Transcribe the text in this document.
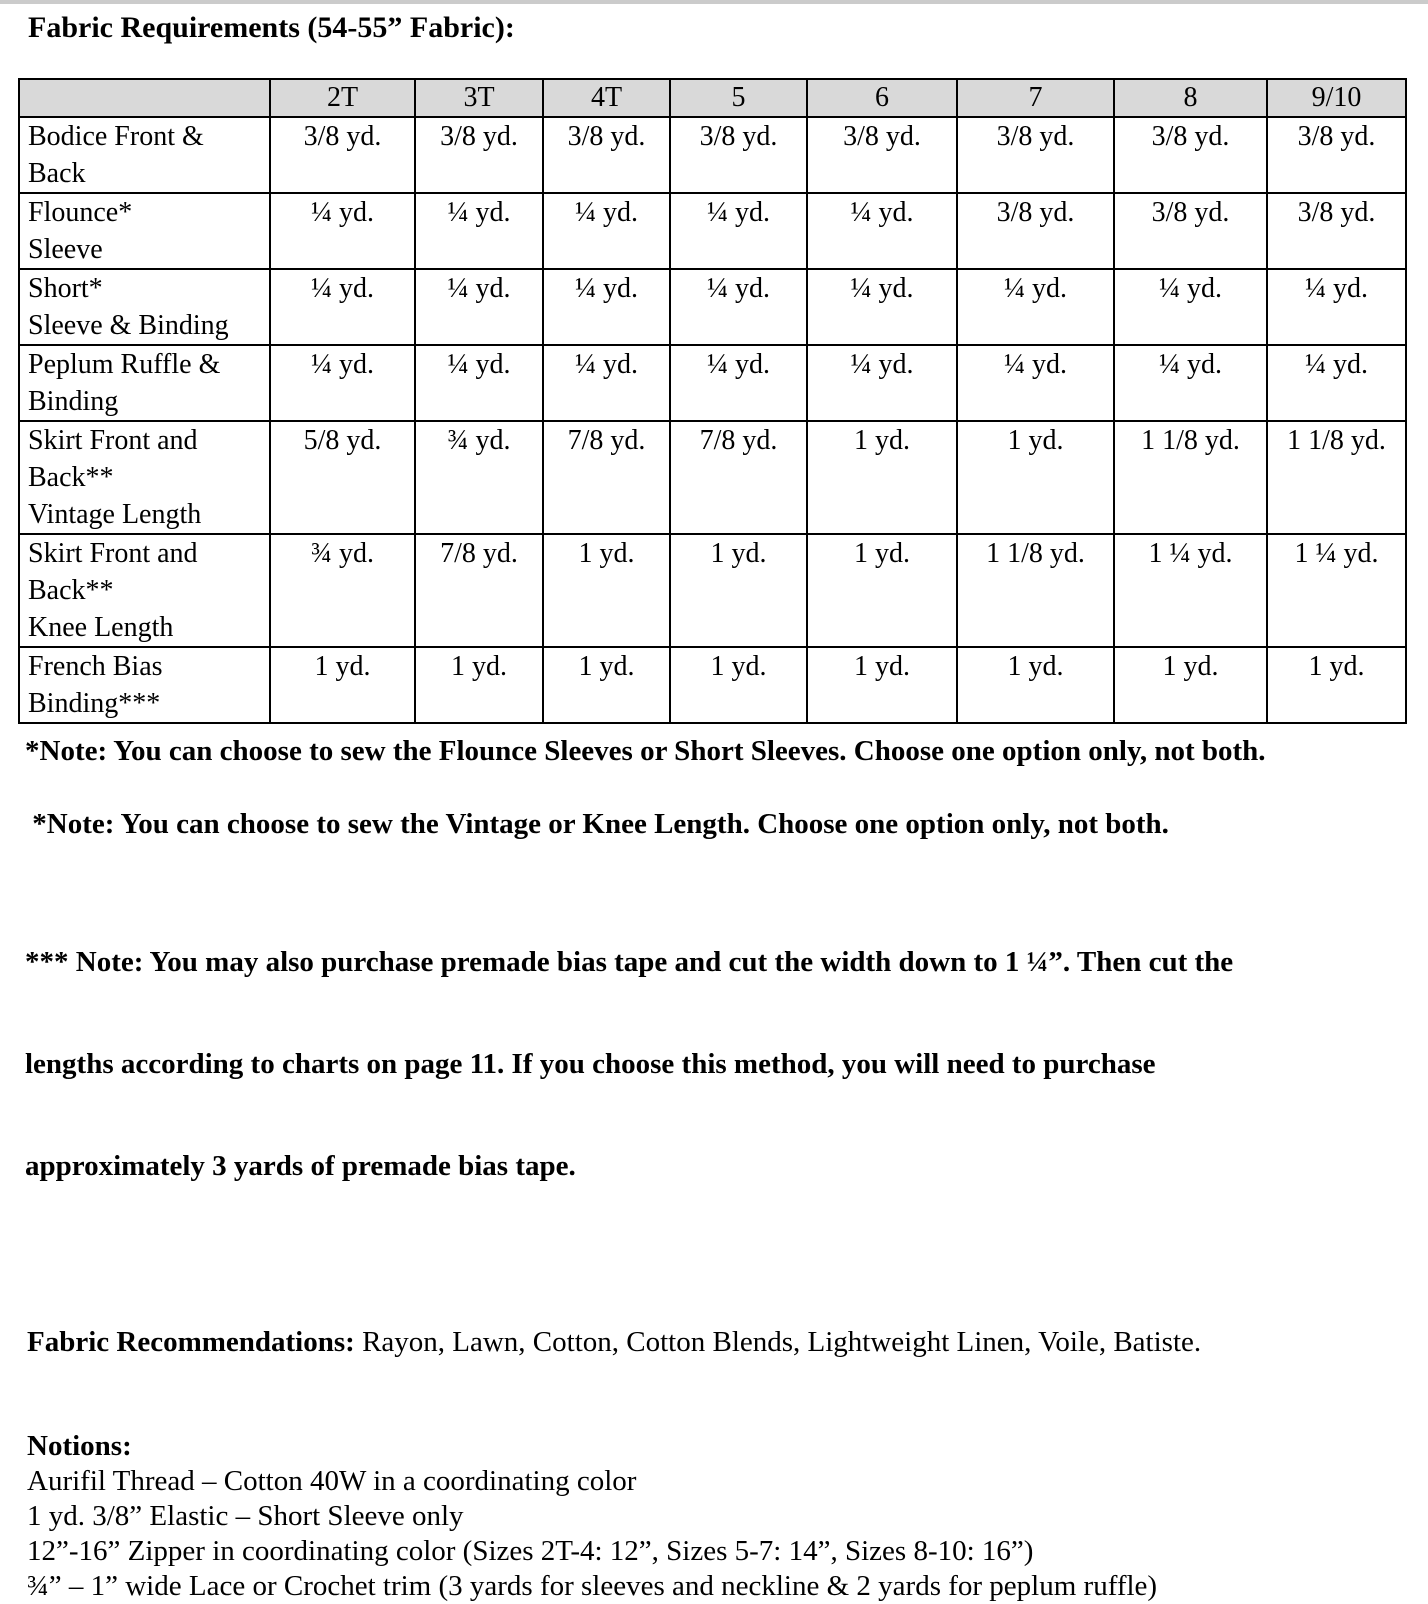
Fabric Requirements (54-55” Fabric):
	2T	3T	4T	5	6	7	8	9/10

Bodice Front &
Back	3/8 yd.	3/8 yd.	3/8 yd.	3/8 yd.	3/8 yd.	3/8 yd.	3/8 yd.	3/8 yd.

Flounce*
Sleeve	¼ yd.	¼ yd.	¼ yd.	¼ yd.	¼ yd.	3/8 yd.	3/8 yd.	3/8 yd.

Short*
Sleeve & Binding	¼ yd.	¼ yd.	¼ yd.	¼ yd.	¼ yd.	¼ yd.	¼ yd.	¼ yd.

Peplum Ruffle &
Binding	¼ yd.	¼ yd.	¼ yd.	¼ yd.	¼ yd.	¼ yd.	¼ yd.	¼ yd.

Skirt Front and
Back**
Vintage Length	5/8 yd.	¾ yd.	7/8 yd.	7/8 yd.	1 yd.	1 yd.	1 1/8 yd.	1 1/8 yd.

Skirt Front and
Back**
Knee Length	¾ yd.	7/8 yd.	1 yd.	1 yd.	1 yd.	1 1/8 yd.	1 ¼ yd.	1 ¼ yd.

French Bias
Binding***	1 yd.	1 yd.	1 yd.	1 yd.	1 yd.	1 yd.	1 yd.	1 yd.
*Note: You can choose to sew the Flounce Sleeves or Short Sleeves. Choose one option only, not both.
*Note: You can choose to sew the Vintage or Knee Length. Choose one option only, not both.

*** Note: You may also purchase premade bias tape and cut the width down to 1 ¼”. Then cut the

lengths according to charts on page 11. If you choose this method, you will need to purchase

approximately 3 yards of premade bias tape.

Fabric Recommendations: Rayon, Lawn, Cotton, Cotton Blends, Lightweight Linen, Voile, Batiste.
Notions:
Aurifil Thread – Cotton 40W in a coordinating color
1 yd. 3/8” Elastic – Short Sleeve only
12”-16” Zipper in coordinating color (Sizes 2T-4: 12”, Sizes 5-7: 14”, Sizes 8-10: 16”)
¾” – 1” wide Lace or Crochet trim (3 yards for sleeves and neckline & 2 yards for peplum ruffle)
